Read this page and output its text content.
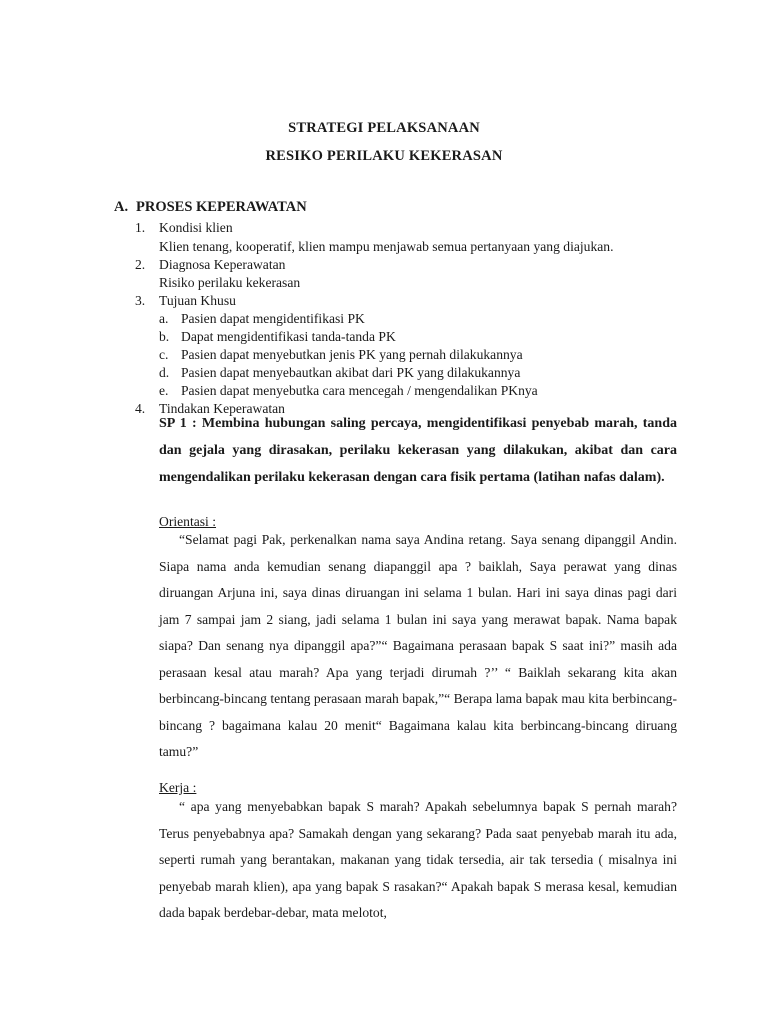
STRATEGI PELAKSANAAN
RESIKO PERILAKU KEKERASAN
A. PROSES KEPERAWATAN
1.	Kondisi klien
Klien tenang, kooperatif, klien mampu menjawab semua pertanyaan yang diajukan.
2.	Diagnosa Keperawatan
Risiko perilaku kekerasan
3.	Tujuan Khusu
a. Pasien dapat mengidentifikasi PK
b. Dapat mengidentifikasi tanda-tanda PK
c. Pasien dapat menyebutkan jenis PK yang pernah dilakukannya
d. Pasien dapat menyebautkan akibat dari PK yang dilakukannya
e. Pasien dapat menyebutka cara mencegah / mengendalikan PKnya
4.	Tindakan Keperawatan
SP 1 : Membina hubungan saling percaya, mengidentifikasi penyebab marah, tanda dan gejala yang dirasakan, perilaku kekerasan yang dilakukan, akibat dan cara mengendalikan perilaku kekerasan dengan cara fisik pertama (latihan nafas dalam).
Orientasi :

“Selamat pagi Pak, perkenalkan nama saya Andina retang. Saya senang dipanggil Andin. Siapa nama anda kemudian senang diapanggil apa ? baiklah, Saya perawat yang dinas diruangan Arjuna ini, saya dinas diruangan ini selama 1 bulan. Hari ini saya dinas pagi dari jam 7 sampai jam 2 siang, jadi selama 1 bulan ini saya yang merawat bapak. Nama bapak siapa? Dan senang nya dipanggil apa?”“ Bagaimana perasaan bapak S saat ini?” masih ada perasaan kesal atau marah? Apa yang terjadi dirumah ?’’ “ Baiklah sekarang kita akan berbincang-bincang tentang perasaan marah bapak,”“ Berapa lama bapak mau kita berbincang-bincang ? bagaimana kalau 20 menit“ Bagaimana kalau kita berbincang-bincang diruang tamu?”

Kerja :

“ apa yang menyebabkan bapak S marah? Apakah sebelumnya bapak S pernah marah? Terus penyebabnya apa? Samakah dengan yang sekarang? Pada saat penyebab marah itu ada, seperti rumah yang berantakan, makanan yang tidak tersedia, air tak tersedia ( misalnya ini penyebab marah klien), apa yang bapak S rasakan?“ Apakah bapak S merasa kesal, kemudian dada bapak berdebar-debar, mata melotot,
